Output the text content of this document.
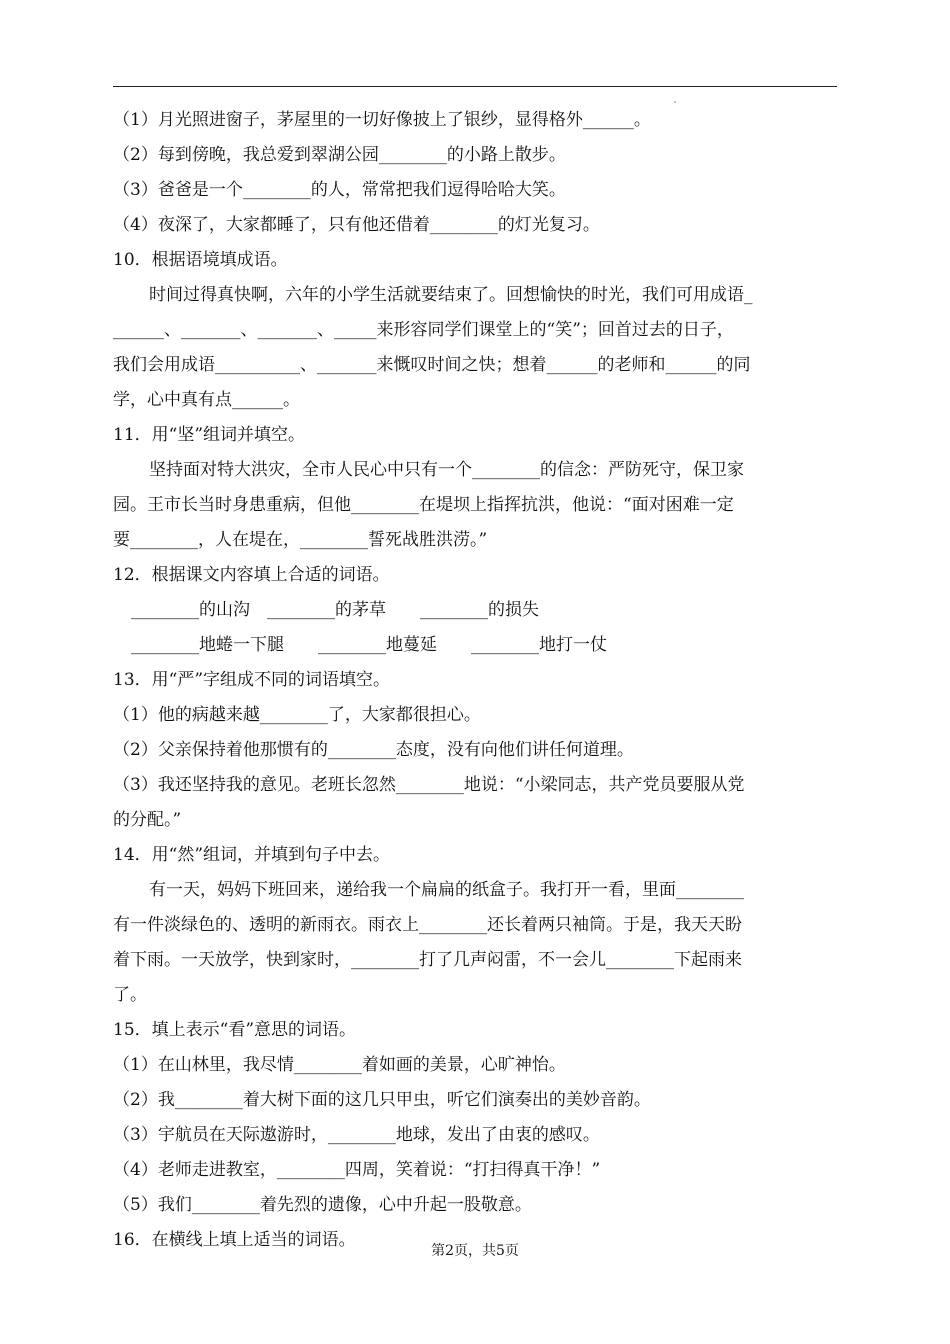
（1）月光照进窗子，茅屋里的一切好像披上了银纱，显得格外______。
（2）每到傍晚，我总爱到翠湖公园________的小路上散步。
（3）爸爸是一个________的人，常常把我们逗得哈哈大笑。
（4）夜深了，大家都睡了，只有他还借着________的灯光复习。
10．根据语境填成语。
时间过得真快啊，六年的小学生活就要结束了。回想愉快的时光，我们可用成语_
______、_______、_______、_____来形容同学们课堂上的“笑”；回首过去的日子，
我们会用成语__________、_______来慨叹时间之快；想着______的老师和______的同
学，心中真有点______。
11．用“坚”组词并填空。
坚持面对特大洪灾，全市人民心中只有一个________的信念：严防死守，保卫家
园。王市长当时身患重病，但他________在堤坝上指挥抗洪，他说：“面对困难一定
要________，人在堤在，________誓死战胜洪涝。”
12．根据课文内容填上合适的词语。
________的山沟　________的茅草　　________的损失
________地蜷一下腿　　________地蔓延　　________地打一仗
13．用“严”字组成不同的词语填空。
（1）他的病越来越________了，大家都很担心。
（2）父亲保持着他那惯有的________态度，没有向他们讲任何道理。
（3）我还坚持我的意见。老班长忽然________地说：“小梁同志，共产党员要服从党
的分配。”
14．用“然”组词，并填到句子中去。
有一天，妈妈下班回来，递给我一个扁扁的纸盒子。我打开一看，里面________
有一件淡绿色的、透明的新雨衣。雨衣上________还长着两只袖筒。于是，我天天盼
着下雨。一天放学，快到家时，________打了几声闷雷，不一会儿________下起雨来
了。
15．填上表示“看”意思的词语。
（1）在山林里，我尽情________着如画的美景，心旷神怡。
（2）我________着大树下面的这几只甲虫，听它们演奏出的美妙音韵。
（3）宇航员在天际遨游时，________地球，发出了由衷的感叹。
（4）老师走进教室，________四周，笑着说：“打扫得真干净！”
（5）我们________着先烈的遗像，心中升起一股敬意。
16．在横线上填上适当的词语。
第2页，共5页
